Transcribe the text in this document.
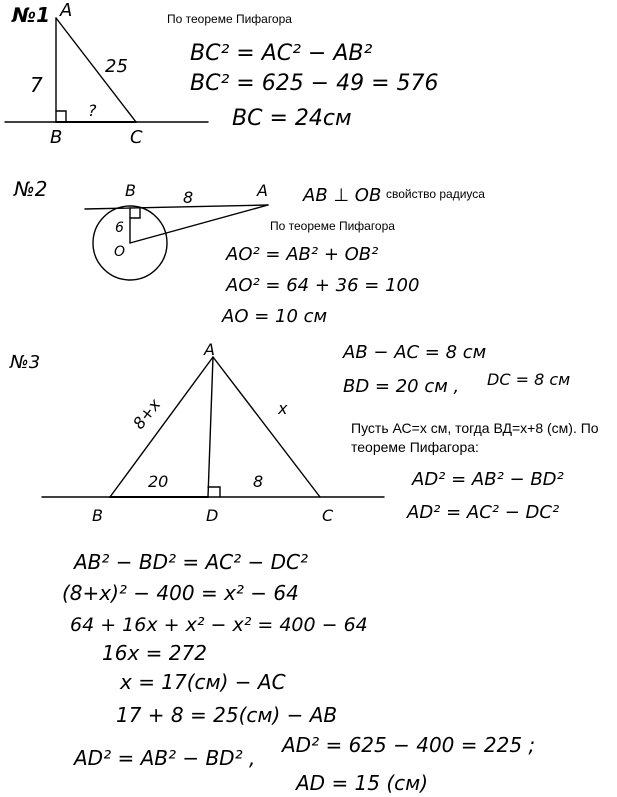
№1 A
B	C
7
25
?
По теореме Пифагора
BC² = AC² − AB²
BC² = 625 − 49 = 576
BC = 24см
№2	B	A
O
8
6
AB ⊥ OB свойство радиуса
По теореме Пифагора
AO² = AB² + OB²
AO² = 64 + 36 = 100
AO = 10 см
№3
A
B	D	C
8+x	x
20	8
AB − AC = 8 см
BD = 20 см , DC = 8 см
Пусть АС=х см, тогда ВД=х+8 (см). По
теореме Пифагора:
AD² = AB² − BD²
AD² = AC² − DC²
AB² − BD² = AC² − DC²
(8+x)² − 400 = x² − 64
64 + 16x + x² − x² = 400 − 64
16x = 272
x = 17(см) − AC
17 + 8 = 25(см) − AB
AD² = AB² − BD² ,
AD² = 625 − 400 = 225 ;
AD = 15 (см)
